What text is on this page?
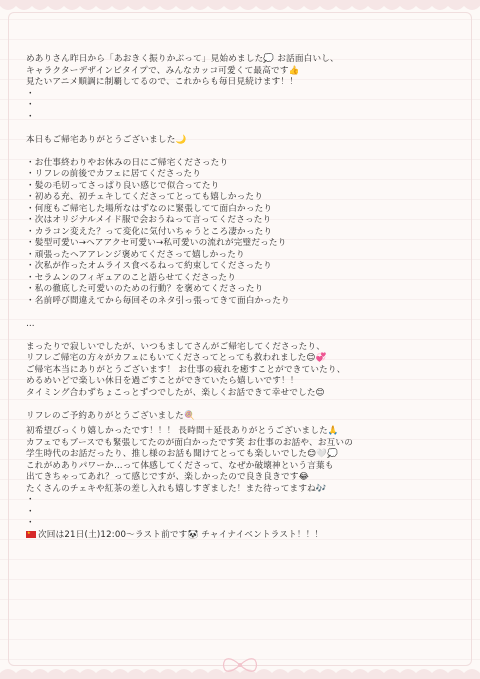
めありさん昨日から「あおきく振りかぶって」見始めました💭 お話面白いし、
キャラクターデザインビタイプで、みんなカッコ可愛くて最高です👍
見たいアニメ順調に制覇してるので、これからも毎日見続けます！！
・
・
・
本日もご帰宅ありがとうございました🌙
・お仕事終わりやお休みの日にご帰宅くださったり
・リフレの前後でカフェに居てくださったり
・髪の毛切ってさっぱり良い感じで似合ってたり
・初める充、初チェキしてくださってとっても嬉しかったり
・何度もご帰宅した場所なはずなのに緊張してて面白かったり
・次はオリジナルメイド服で会おうねって言ってくださったり
・カラコン変えた？って変化に気付いちゃうところ凄かったり
・髪型可愛い→ヘアアクセ可愛い→私可愛いの流れが完璧だったり
・頑張ったヘアアレンジ褒めてくださって嬉しかったり
・次私が作ったオムライス食べるねって約束してくださったり
・セラムンのフィギュアのこと語らせてくださったり
・私の徹底した可愛いのための行動？を褒めてくださったり
・名前呼び間違えてから毎回そのネタ引っ張ってきて面白かったり
…
まったりで寂しいでしたが、いつもましてさんがご帰宅してくださったり、
リフレご帰宅の方々がカフェにもいてくださってとっても救われました😊💞
ご帰宅本当にありがとうございます！ お仕事の疲れを癒すことができていたり、
めるめいどで楽しい休日を過ごすことができていたら嬉しいです！！
タイミング合わずちょこっとずつでしたが、楽しくお話できて幸せでした😊
リフレのご予約ありがとうございました🍭
初希望びっくり嬉しかったです！！！ 長時間＋延長ありがとうございました🙏
カフェでもブースでも緊張してたのが面白かったです笑 お仕事のお話や、お互いの
学生時代のお話だったり、推し様のお話も聞けてとっても楽しいでした😊🤍💭
これがめありパワーか…って体感してくださって、なぜか破壊神という言葉も
出てきちゃってあれ？って感じですが、楽しかったので良き良きです😂
たくさんのチェキや紅茶の差し入れも嬉しすぎました！また待ってますね🎶
・
・
・
★次回は21日(土)12:00〜ラスト前です🐼 チャイナイベントラスト！！！
